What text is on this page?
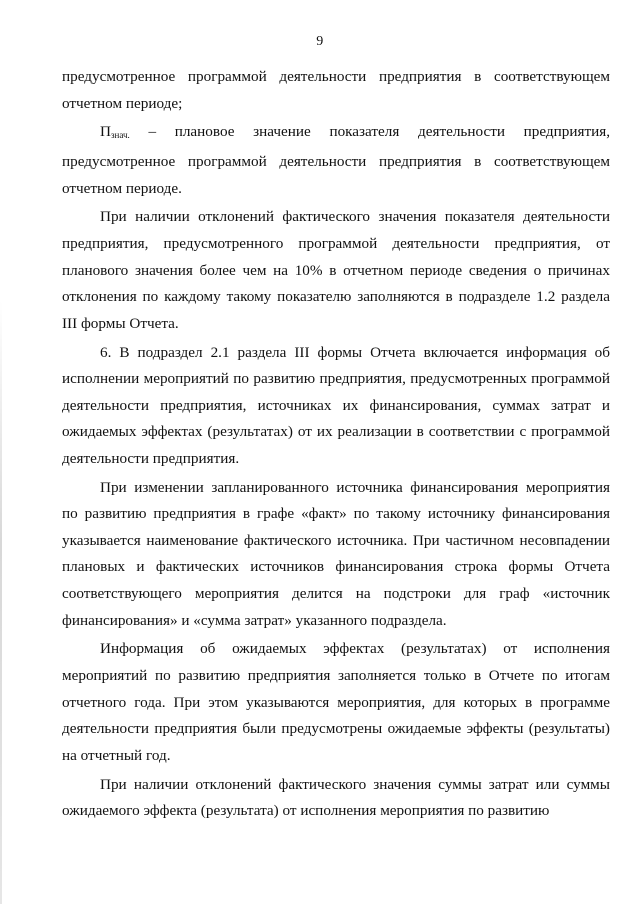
9

предусмотренное программой деятельности предприятия в соответствующем отчетном периоде;

$П_{знач.}$ – плановое значение показателя деятельности предприятия, предусмотренное программой деятельности предприятия в соответствующем отчетном периоде.

При наличии отклонений фактического значения показателя деятельности предприятия, предусмотренного программой деятельности предприятия, от планового значения более чем на 10% в отчетном периоде сведения о причинах отклонения по каждому такому показателю заполняются в подразделе 1.2 раздела III формы Отчета.

6. В подраздел 2.1 раздела III формы Отчета включается информация об исполнении мероприятий по развитию предприятия, предусмотренных программой деятельности предприятия, источниках их финансирования, суммах затрат и ожидаемых эффектах (результатах) от их реализации в соответствии с программой деятельности предприятия.

При изменении запланированного источника финансирования мероприятия по развитию предприятия в графе «факт» по такому источнику финансирования указывается наименование фактического источника. При частичном несовпадении плановых и фактических источников финансирования строка формы Отчета соответствующего мероприятия делится на подстроки для граф «источник финансирования» и «сумма затрат» указанного подраздела.

Информация об ожидаемых эффектах (результатах) от исполнения мероприятий по развитию предприятия заполняется только в Отчете по итогам отчетного года. При этом указываются мероприятия, для которых в программе деятельности предприятия были предусмотрены ожидаемые эффекты (результаты) на отчетный год.

При наличии отклонений фактического значения суммы затрат или суммы ожидаемого эффекта (результата) от исполнения мероприятия по развитию
